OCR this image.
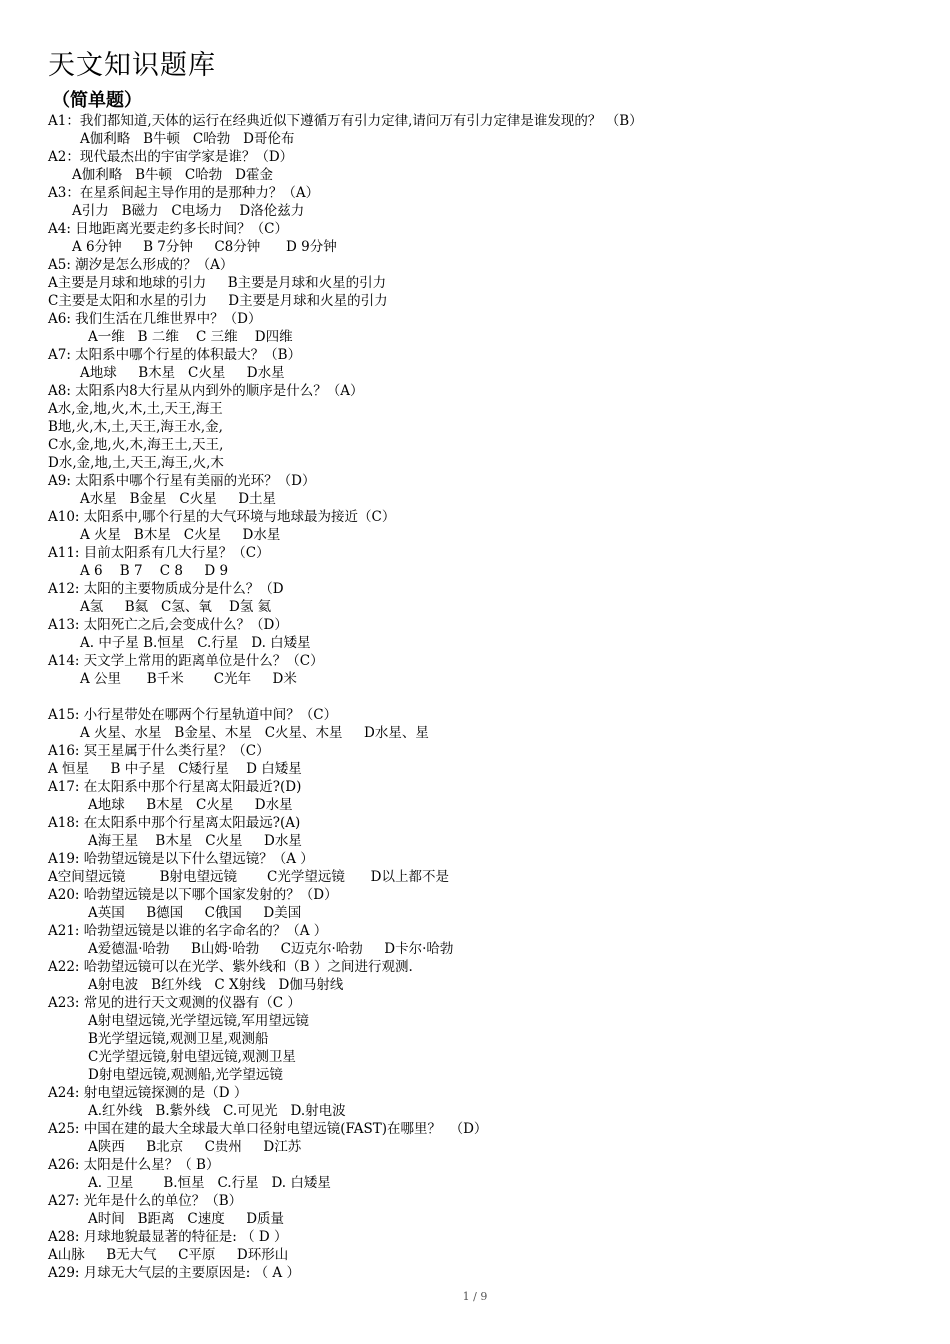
天文知识题库
（简单题）
A1：我们都知道,天体的运行在经典近似下遵循万有引力定律,请问万有引力定律是谁发现的？ （B）
A伽利略   B牛顿   C哈勃   D哥伦布
A2：现代最杰出的宇宙学家是谁？（D）
A伽利略   B牛顿   C哈勃   D霍金
A3：在星系间起主导作用的是那种力？（A）
A引力   B磁力   C电场力    D洛伦兹力
A4: 日地距离光要走约多长时间？（C）
A 6分钟     B 7分钟     C8分钟      D 9分钟
A5: 潮汐是怎么形成的？（A）
A主要是月球和地球的引力     B主要是月球和火星的引力
C主要是太阳和水星的引力     D主要是月球和火星的引力
A6: 我们生活在几维世界中？（D）
A一维   B 二维    C 三维    D四维
A7: 太阳系中哪个行星的体积最大？（B）
A地球     B木星   C火星     D水星
A8: 太阳系内8大行星从内到外的顺序是什么？（A）
A水,金,地,火,木,土,天王,海王
B地,火,木,土,天王,海王水,金,
C水,金,地,火,木,海王土,天王,
D水,金,地,土,天王,海王,火,木
A9: 太阳系中哪个行星有美丽的光环？（D）
A水星   B金星   C火星     D土星
A10: 太阳系中,哪个行星的大气环境与地球最为接近（C）
A 火星   B木星   C火星     D水星
A11: 目前太阳系有几大行星？（C）
A 6    B 7    C 8     D 9
A12: 太阳的主要物质成分是什么？（D
A氢     B氦   C氢、氧    D氢 氦
A13: 太阳死亡之后,会变成什么？（D）
A. 中子星 B.恒星   C.行星   D. 白矮星
A14: 天文学上常用的距离单位是什么？（C）
A 公里      B千米       C光年     D米
A15: 小行星带处在哪两个行星轨道中间？（C）
A 火星、水星   B金星、木星   C火星、木星     D水星、星
A16: 冥王星属于什么类行星？（C）
A 恒星     B 中子星   C矮行星    D 白矮星
A17: 在太阳系中那个行星离太阳最近?(D)
A地球     B木星   C火星     D水星
A18: 在太阳系中那个行星离太阳最远?(A)
A海王星    B木星   C火星     D水星
A19: 哈勃望远镜是以下什么望远镜？（A ）
A空间望远镜        B射电望远镜       C光学望远镜      D以上都不是
A20: 哈勃望远镜是以下哪个国家发射的？（D）
A英国     B德国     C俄国     D美国
A21: 哈勃望远镜是以谁的名字命名的？（A ）
A爱德温·哈勃     B山姆·哈勃     C迈克尔·哈勃     D卡尔·哈勃
A22: 哈勃望远镜可以在光学、紫外线和（B ）之间进行观测.
A射电波   B红外线   C X射线   D伽马射线
A23: 常见的进行天文观测的仪器有（C ）
A射电望远镜,光学望远镜,军用望远镜
B光学望远镜,观测卫星,观测船
C光学望远镜,射电望远镜,观测卫星
D射电望远镜,观测船,光学望远镜
A24: 射电望远镜探测的是（D ）
A.红外线   B.紫外线   C.可见光   D.射电波
A25: 中国在建的最大全球最大单口径射电望远镜(FAST)在哪里？  （D）
A陕西     B北京     C贵州     D江苏
A26: 太阳是什么星？（ B）
A. 卫星       B.恒星   C.行星   D. 白矮星
A27: 光年是什么的单位？（B）
A时间   B距离   C速度     D质量
A28: 月球地貌最显著的特征是: （ D ）
A山脉     B无大气     C平原     D环形山
A29: 月球无大气层的主要原因是: （ A ）
1 / 9
